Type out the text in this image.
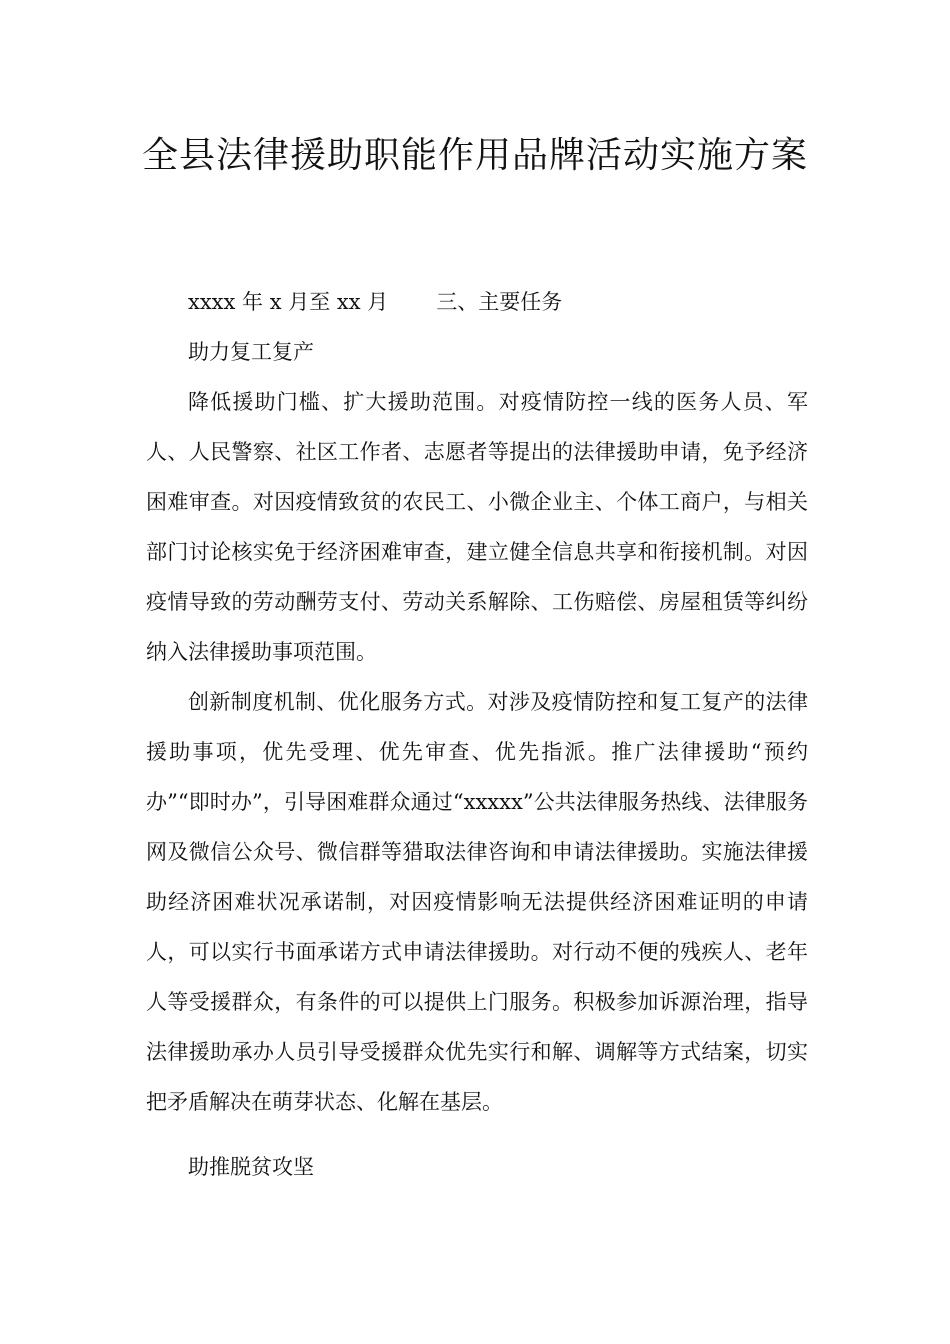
全县法律援助职能作用品牌活动实施方案

xxxx 年 x 月至 xx 月 三、主要任务

助力复工复产

降低援助门槛、扩大援助范围。对疫情防控一线的医务人员、军人、人民警察、社区工作者、志愿者等提出的法律援助申请，免予经济困难审查。对因疫情致贫的农民工、小微企业主、个体工商户，与相关部门讨论核实免于经济困难审查，建立健全信息共享和衔接机制。对因疫情导致的劳动酬劳支付、劳动关系解除、工伤赔偿、房屋租赁等纠纷纳入法律援助事项范围。

创新制度机制、优化服务方式。对涉及疫情防控和复工复产的法律援助事项，优先受理、优先审查、优先指派。推广法律援助“预约办”“即时办”，引导困难群众通过“xxxxx”公共法律服务热线、法律服务网及微信公众号、微信群等猎取法律咨询和申请法律援助。实施法律援助经济困难状况承诺制，对因疫情影响无法提供经济困难证明的申请人，可以实行书面承诺方式申请法律援助。对行动不便的残疾人、老年人等受援群众，有条件的可以提供上门服务。积极参加诉源治理，指导法律援助承办人员引导受援群众优先实行和解、调解等方式结案，切实把矛盾解决在萌芽状态、化解在基层。

助推脱贫攻坚
